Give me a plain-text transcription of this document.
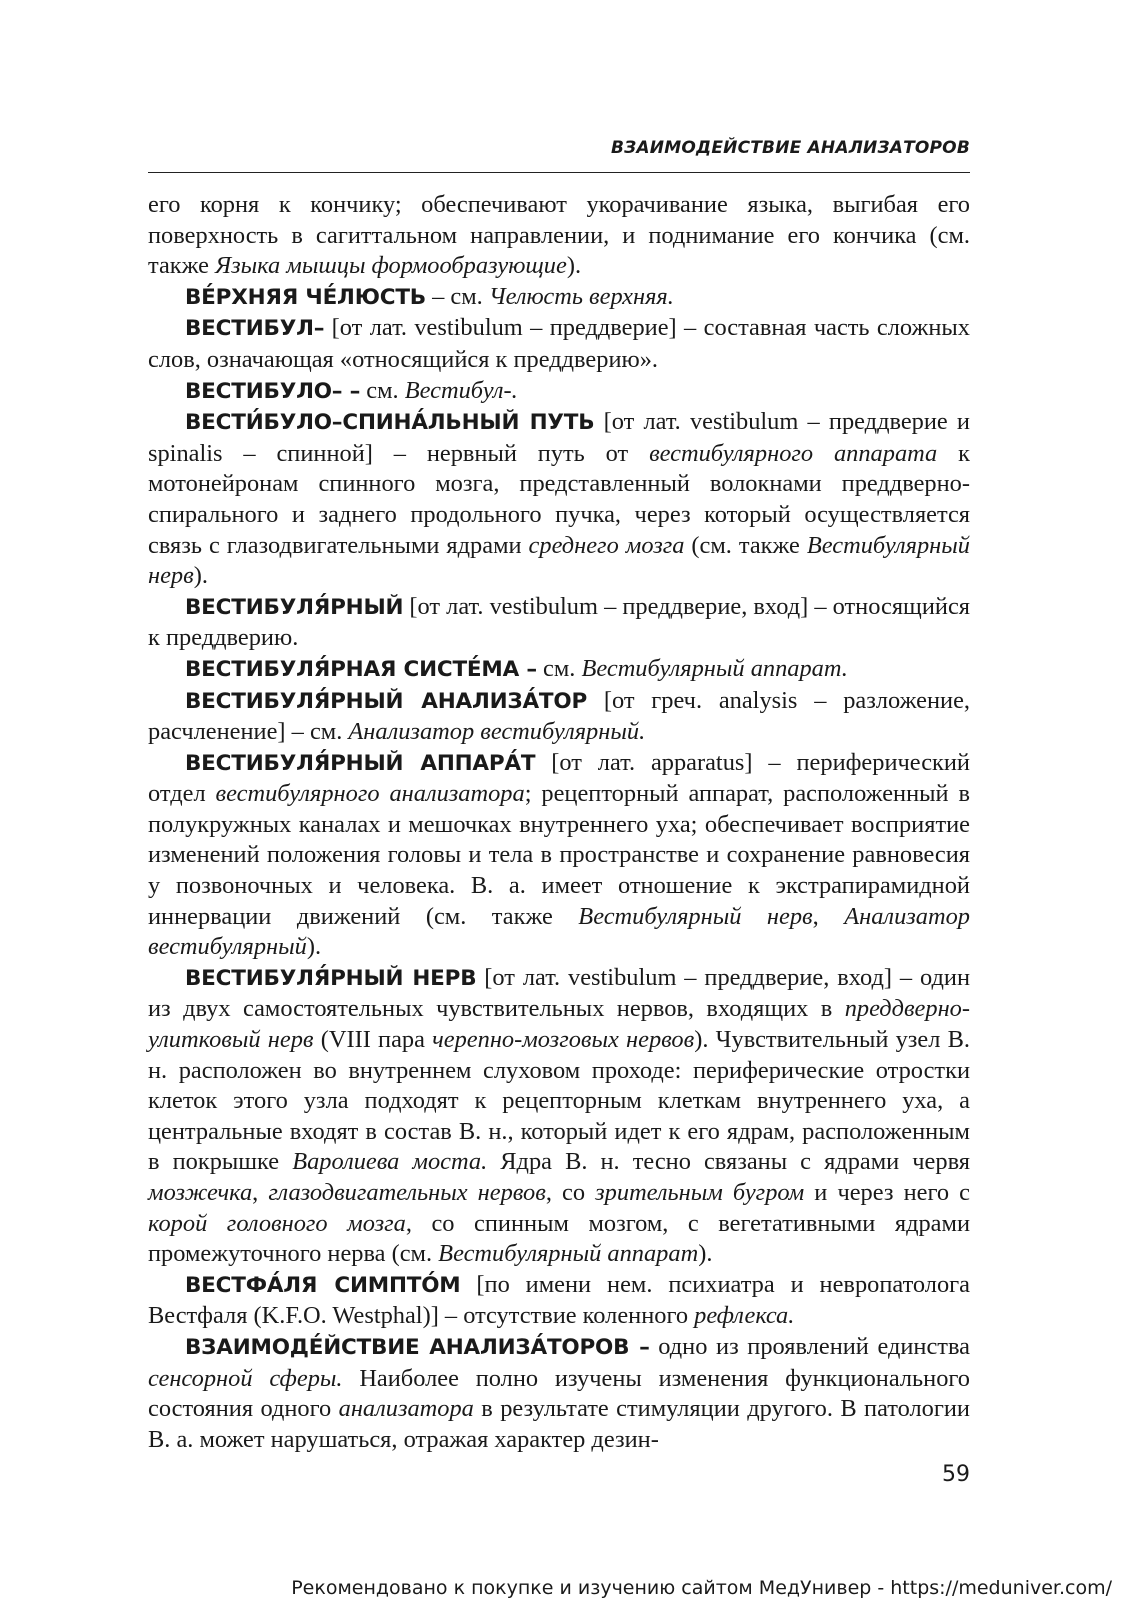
ВЗАИМОДЕЙСТВИЕ АНАЛИЗАТОРОВ

его корня к кончику; обеспечивают укорачивание языка, выгибая его поверхность в сагиттальном направлении, и поднимание его кончика (см. также Языка мышцы формообразующие).

ВЕ́РХНЯЯ ЧЕ́ЛЮСТЬ – см. Челюсть верхняя.

ВЕСТИБУЛ– [от лат. vestibulum – преддверие] – составная часть сложных слов, означающая «относящийся к преддверию».

ВЕСТИБУЛО– – см. Вестибул-.

ВЕСТИ́БУЛО–СПИНА́ЛЬНЫЙ ПУТЬ [от лат. vestibulum – преддверие и spinalis – спинной] – нервный путь от вестибулярного аппарата к мотонейронам спинного мозга, представленный волокнами преддверно-спирального и заднего продольного пучка, через который осуществляется связь с глазодвигательными ядрами среднего мозга (см. также Вестибулярный нерв).

ВЕСТИБУЛЯ́РНЫЙ [от лат. vestibulum – преддверие, вход] – относящийся к преддверию.

ВЕСТИБУЛЯ́РНАЯ СИСТЕ́МА – см. Вестибулярный аппарат.

ВЕСТИБУЛЯ́РНЫЙ АНАЛИЗА́ТОР [от греч. analysis – разложение, расчленение] – см. Анализатор вестибулярный.

ВЕСТИБУЛЯ́РНЫЙ АППАРА́Т [от лат. apparatus] – периферический отдел вестибулярного анализатора; рецепторный аппарат, расположенный в полукружных каналах и мешочках внутреннего уха; обеспечивает восприятие изменений положения головы и тела в пространстве и сохранение равновесия у позвоночных и человека. В. а. имеет отношение к экстрапирамидной иннервации движений (см. также Вестибулярный нерв, Анализатор вестибулярный).

ВЕСТИБУЛЯ́РНЫЙ НЕРВ [от лат. vestibulum – преддверие, вход] – один из двух самостоятельных чувствительных нервов, входящих в преддверно-улитковый нерв (VIII пара черепно-мозговых нервов). Чувствительный узел В. н. расположен во внутреннем слуховом проходе: периферические отростки клеток этого узла подходят к рецепторным клеткам внутреннего уха, а центральные входят в состав В. н., который идет к его ядрам, расположенным в покрышке Варолиева моста. Ядра В. н. тесно связаны с ядрами червя мозжечка, глазодвигательных нервов, со зрительным бугром и через него с корой головного мозга, со спинным мозгом, с вегетативными ядрами промежуточного нерва (см. Вестибулярный аппарат).

ВЕСТФА́ЛЯ СИМПТО́М [по имени нем. психиатра и невропатолога Вестфаля (K.F.O. Westphal)] – отсутствие коленного рефлекса.

ВЗАИМОДЕ́ЙСТВИЕ АНАЛИЗА́ТОРОВ – одно из проявлений единства сенсорной сферы. Наиболее полно изучены изменения функционального состояния одного анализатора в результате стимуляции другого. В патологии В. а. может нарушаться, отражая характер дезин-

59
Рекомендовано к покупке и изучению сайтом МедУнивер - https://meduniver.com/
